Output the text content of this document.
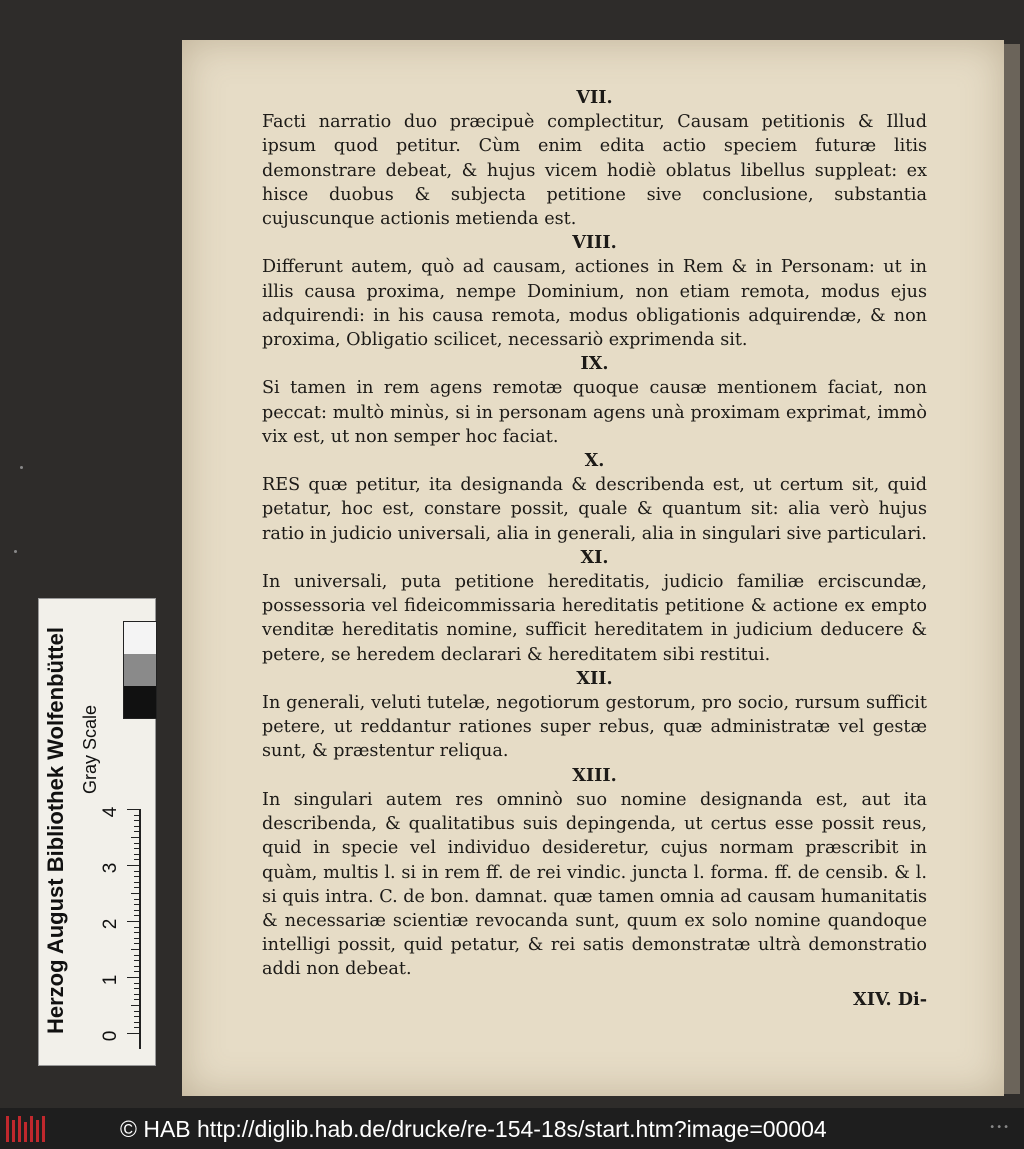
VII.
Facti narratio duo præcipuè complectitur, Causam petitionis & Illud ipsum quod petitur. Cùm enim edita actio speciem futuræ litis demonstrare debeat, & hujus vicem hodiè oblatus libellus suppleat: ex hisce duobus & subjecta petitione sive conclusione, substantia cujuscunque actionis metienda est.
VIII.
Differunt autem, quò ad causam, actiones in Rem & in Personam: ut in illis causa proxima, nempe Dominium, non etiam remota, modus ejus adquirendi: in his causa remota, modus obligationis adquirendæ, & non proxima, Obligatio scilicet, necessariò exprimenda sit.
IX.
Si tamen in rem agens remotæ quoque causæ mentionem faciat, non peccat: multò minùs, si in personam agens unà proximam exprimat, immò vix est, ut non semper hoc faciat.
X.
RES quæ petitur, ita designanda & describenda est, ut certum sit, quid petatur, hoc est, constare possit, quale & quantum sit: alia verò hujus ratio in judicio universali, alia in generali, alia in singulari sive particulari.
XI.
In universali, puta petitione hereditatis, judicio familiæ erciscundæ, possessoria vel fideicommissaria hereditatis petitione & actione ex empto venditæ hereditatis nomine, sufficit hereditatem in judicium deducere & petere, se heredem declarari & hereditatem sibi restitui.
XII.
In generali, veluti tutelæ, negotiorum gestorum, pro socio, rursum sufficit petere, ut reddantur rationes super rebus, quæ administratæ vel gestæ sunt, & præstentur reliqua.
XIII.
In singulari autem res omninò suo nomine designanda est, aut ita describenda, & qualitatibus suis depingenda, ut certus esse possit reus, quid in specie vel individuo desideretur, cujus normam præscribit in quàm, multis l. si in rem ff. de rei vindic. juncta l. forma. ff. de censib. & l. si quis intra. C. de bon. damnat. quæ tamen omnia ad causam humanitatis & necessariæ scientiæ revocanda sunt, quum ex solo nomine quandoque intelligi possit, quid petatur, & rei satis demonstratæ ultrà demonstratio addi non debeat.
XIV. Di-
Herzog August Bibliothek Wolfenbüttel Gray Scale
4
3
2
1
0
© HAB http://diglib.hab.de/drucke/re-154-18s/start.htm?image=00004	•••
